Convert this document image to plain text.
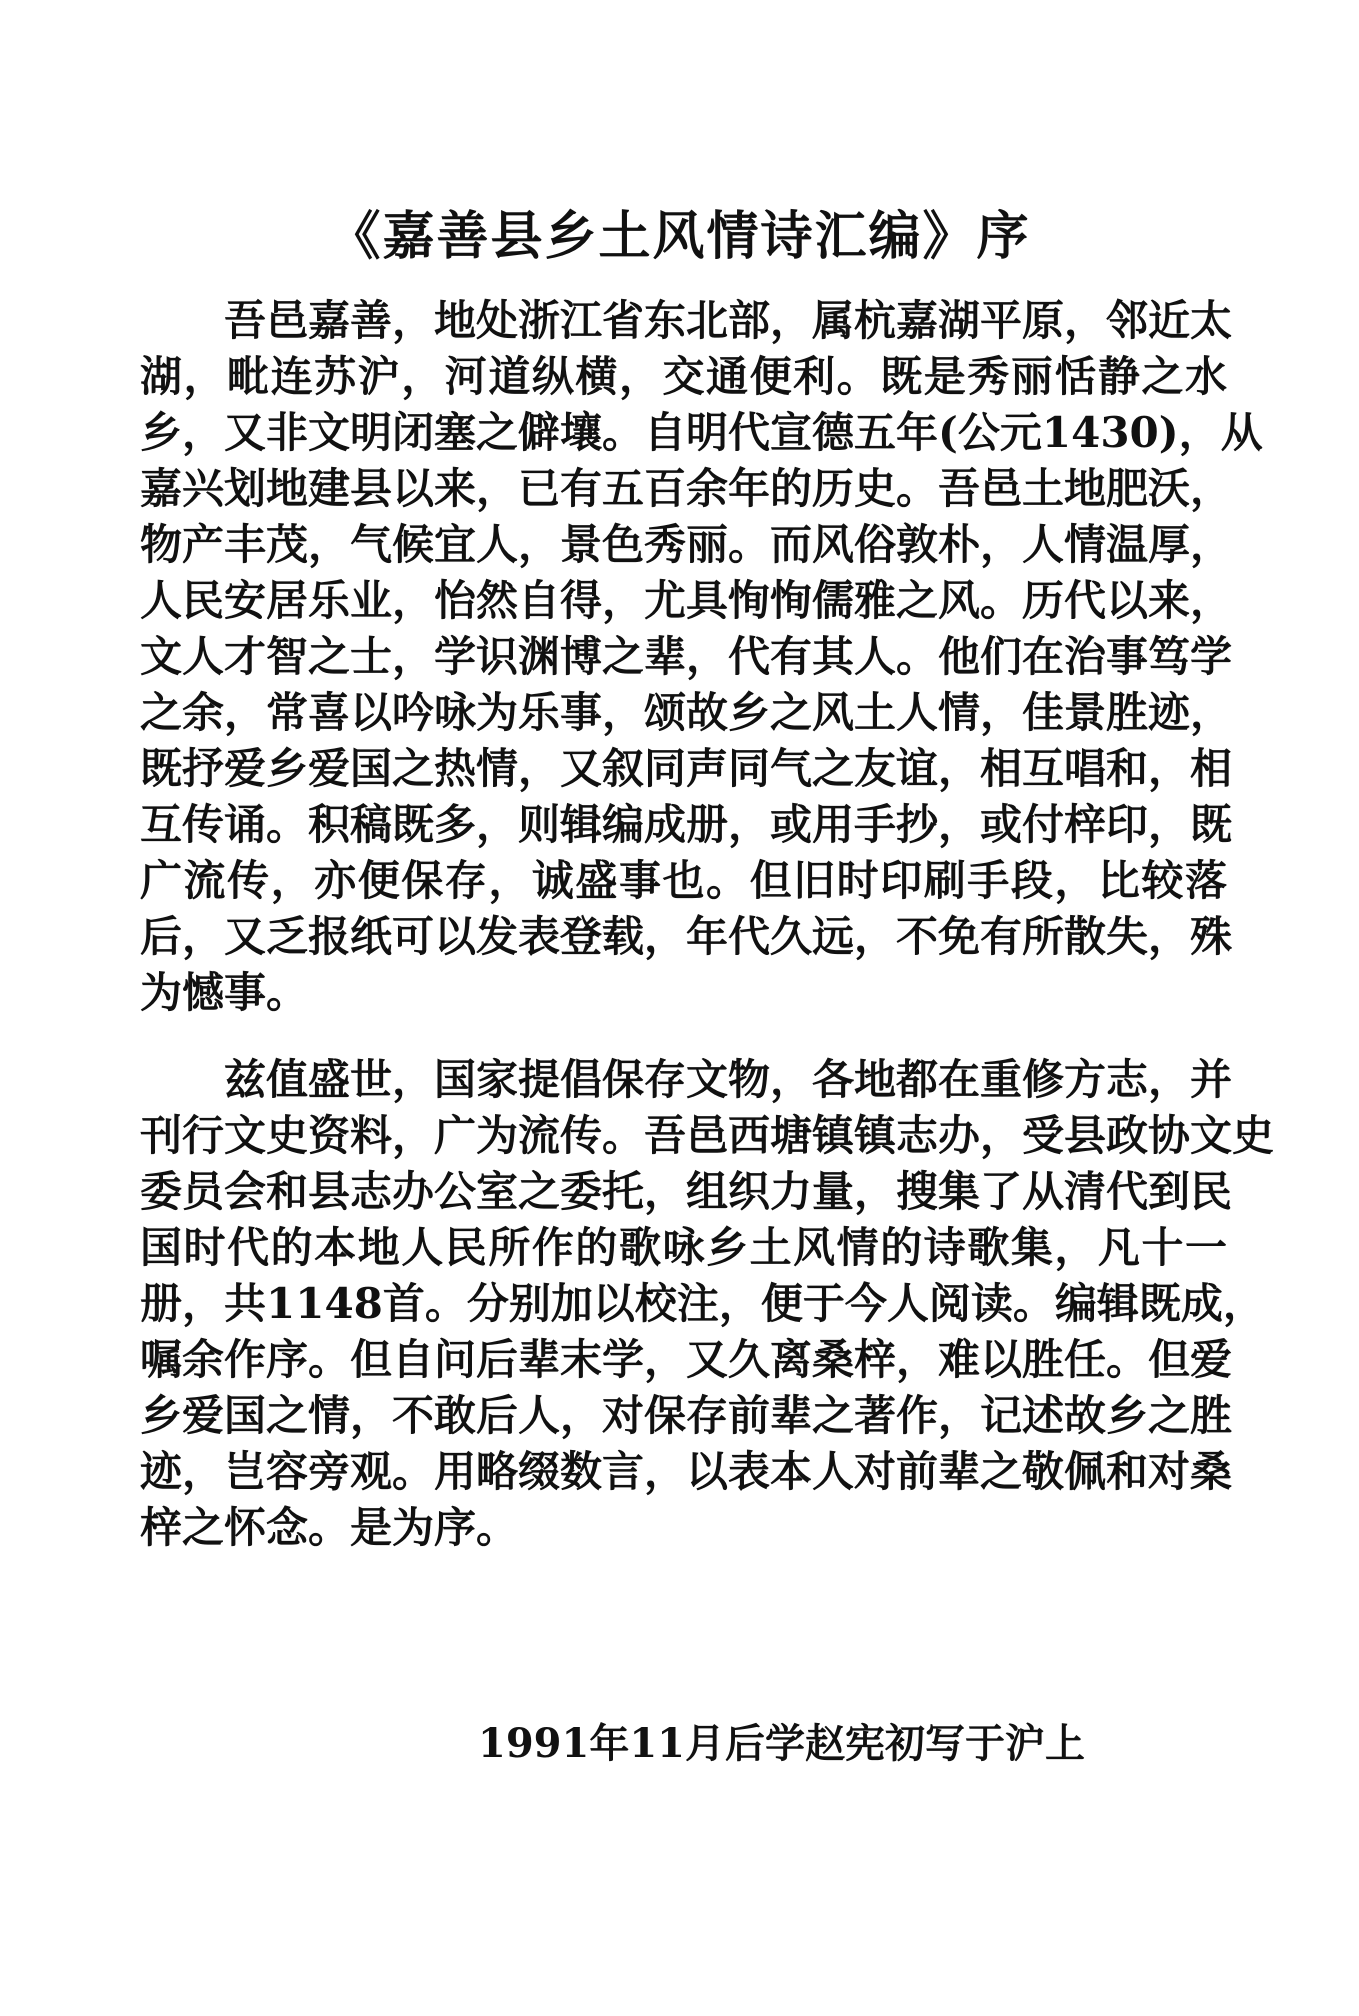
《嘉善县乡土风情诗汇编》序
吾邑嘉善，地处浙江省东北部，属杭嘉湖平原，邻近太
湖，毗连苏沪，河道纵横，交通便利。既是秀丽恬静之水
乡，又非文明闭塞之僻壤。自明代宣德五年(公元1430)，从
嘉兴划地建县以来，已有五百余年的历史。吾邑土地肥沃，
物产丰茂，气候宜人，景色秀丽。而风俗敦朴，人情温厚，
人民安居乐业，怡然自得，尤具恂恂儒雅之风。历代以来，
文人才智之士，学识渊博之辈，代有其人。他们在治事笃学
之余，常喜以吟咏为乐事，颂故乡之风土人情，佳景胜迹，
既抒爱乡爱国之热情，又叙同声同气之友谊，相互唱和，相
互传诵。积稿既多，则辑编成册，或用手抄，或付梓印，既
广流传，亦便保存，诚盛事也。但旧时印刷手段，比较落
后，又乏报纸可以发表登载，年代久远，不免有所散失，殊
为憾事。
兹值盛世，国家提倡保存文物，各地都在重修方志，并
刊行文史资料，广为流传。吾邑西塘镇镇志办，受县政协文史
委员会和县志办公室之委托，组织力量，搜集了从清代到民
国时代的本地人民所作的歌咏乡土风情的诗歌集，凡十一
册，共1148首。分别加以校注，便于今人阅读。编辑既成，
嘱余作序。但自问后辈末学，又久离桑梓，难以胜任。但爱
乡爱国之情，不敢后人，对保存前辈之著作，记述故乡之胜
迹，岂容旁观。用略缀数言，以表本人对前辈之敬佩和对桑
梓之怀念。是为序。
1991年11月后学赵宪初写于沪上
